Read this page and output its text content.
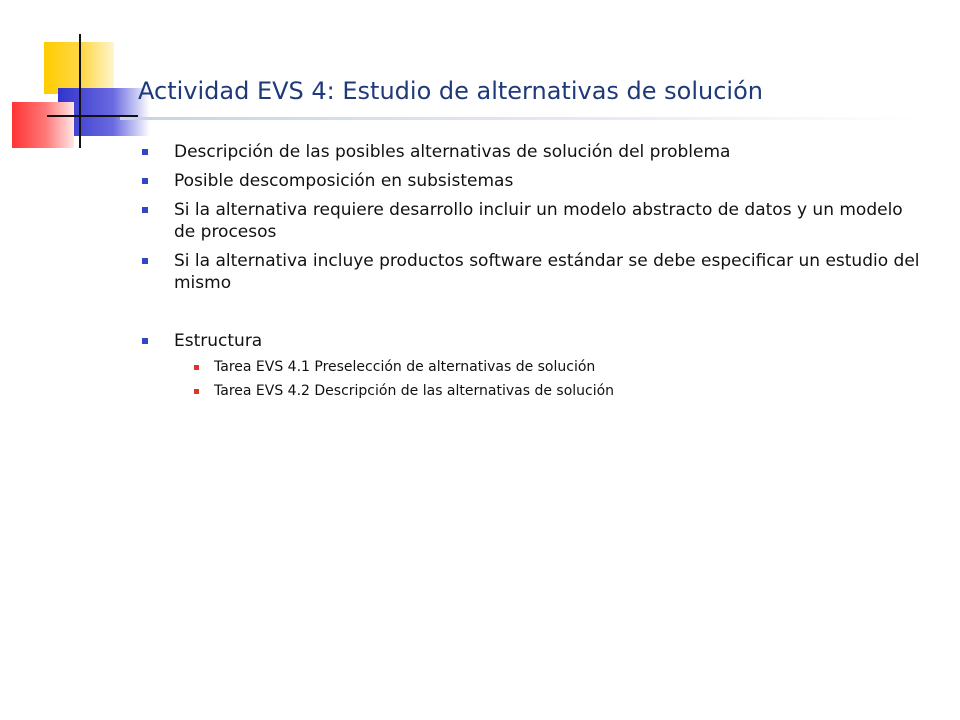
Actividad EVS 4: Estudio de alternativas de solución
Descripción de las posibles alternativas de solución del problema
Posible descomposición en subsistemas
Si la alternativa requiere desarrollo incluir un modelo abstracto de datos y un modelo de procesos
Si la alternativa incluye productos software estándar se debe especificar un estudio del mismo
Estructura
Tarea EVS 4.1 Preselección de alternativas de solución
Tarea EVS 4.2 Descripción de las alternativas de solución
